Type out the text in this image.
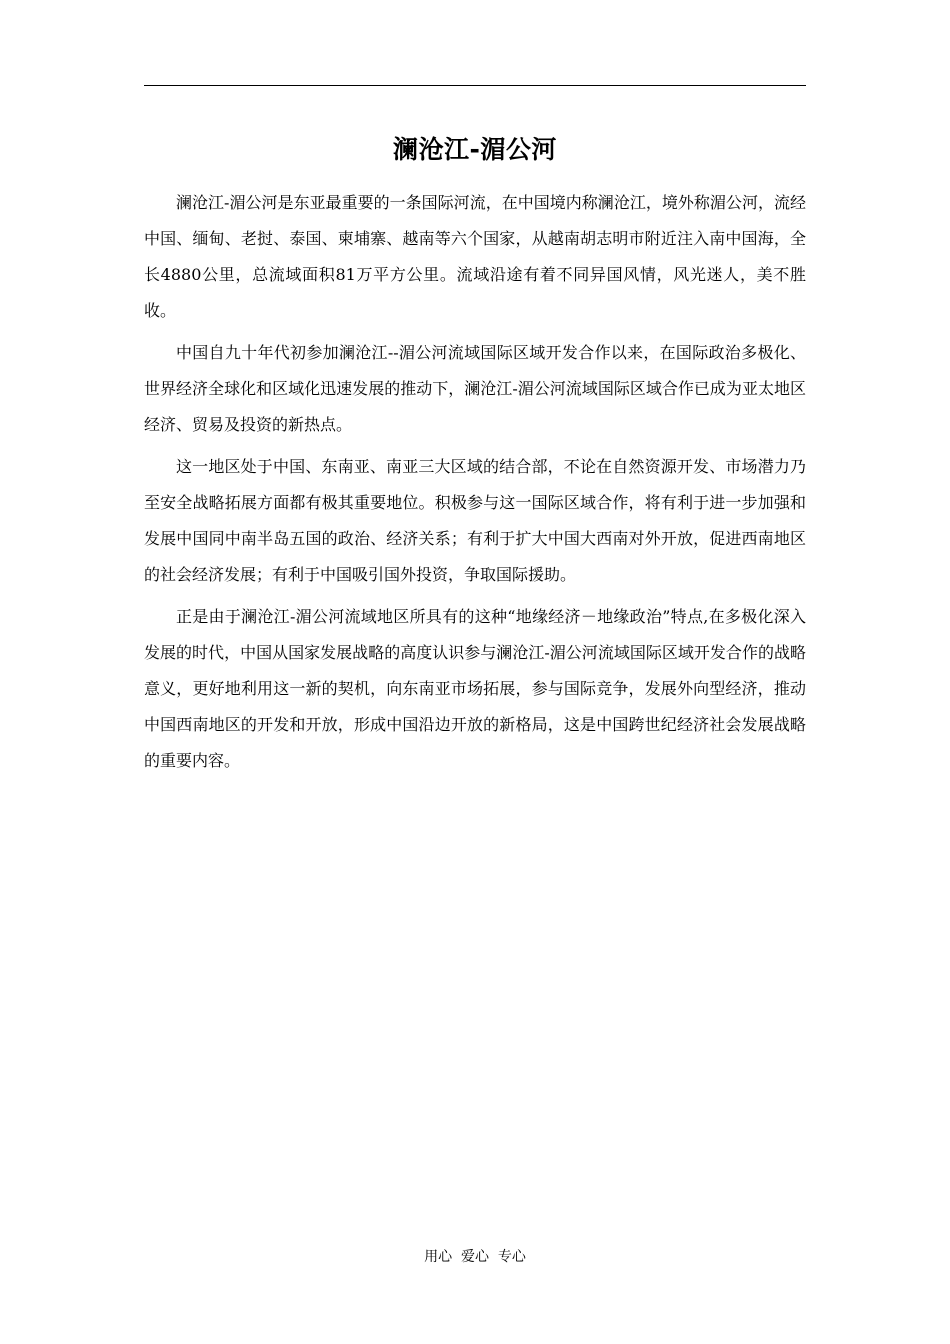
澜沧江-湄公河

澜沧江-湄公河是东亚最重要的一条国际河流，在中国境内称澜沧江，境外称湄公河，流经中国、缅甸、老挝、泰国、柬埔寨、越南等六个国家，从越南胡志明市附近注入南中国海，全长4880公里，总流域面积81万平方公里。流域沿途有着不同异国风情，风光迷人，美不胜收。

中国自九十年代初参加澜沧江--湄公河流域国际区域开发合作以来，在国际政治多极化、世界经济全球化和区域化迅速发展的推动下，澜沧江-湄公河流域国际区域合作已成为亚太地区经济、贸易及投资的新热点。

这一地区处于中国、东南亚、南亚三大区域的结合部，不论在自然资源开发、市场潜力乃至安全战略拓展方面都有极其重要地位。积极参与这一国际区域合作，将有利于进一步加强和发展中国同中南半岛五国的政治、经济关系；有利于扩大中国大西南对外开放，促进西南地区的社会经济发展；有利于中国吸引国外投资，争取国际援助。

正是由于澜沧江-湄公河流域地区所具有的这种“地缘经济－地缘政治”特点,在多极化深入发展的时代，中国从国家发展战略的高度认识参与澜沧江-湄公河流域国际区域开发合作的战略意义，更好地利用这一新的契机，向东南亚市场拓展，参与国际竞争，发展外向型经济，推动中国西南地区的开发和开放，形成中国沿边开放的新格局，这是中国跨世纪经济社会发展战略的重要内容。

用心  爱心  专心
